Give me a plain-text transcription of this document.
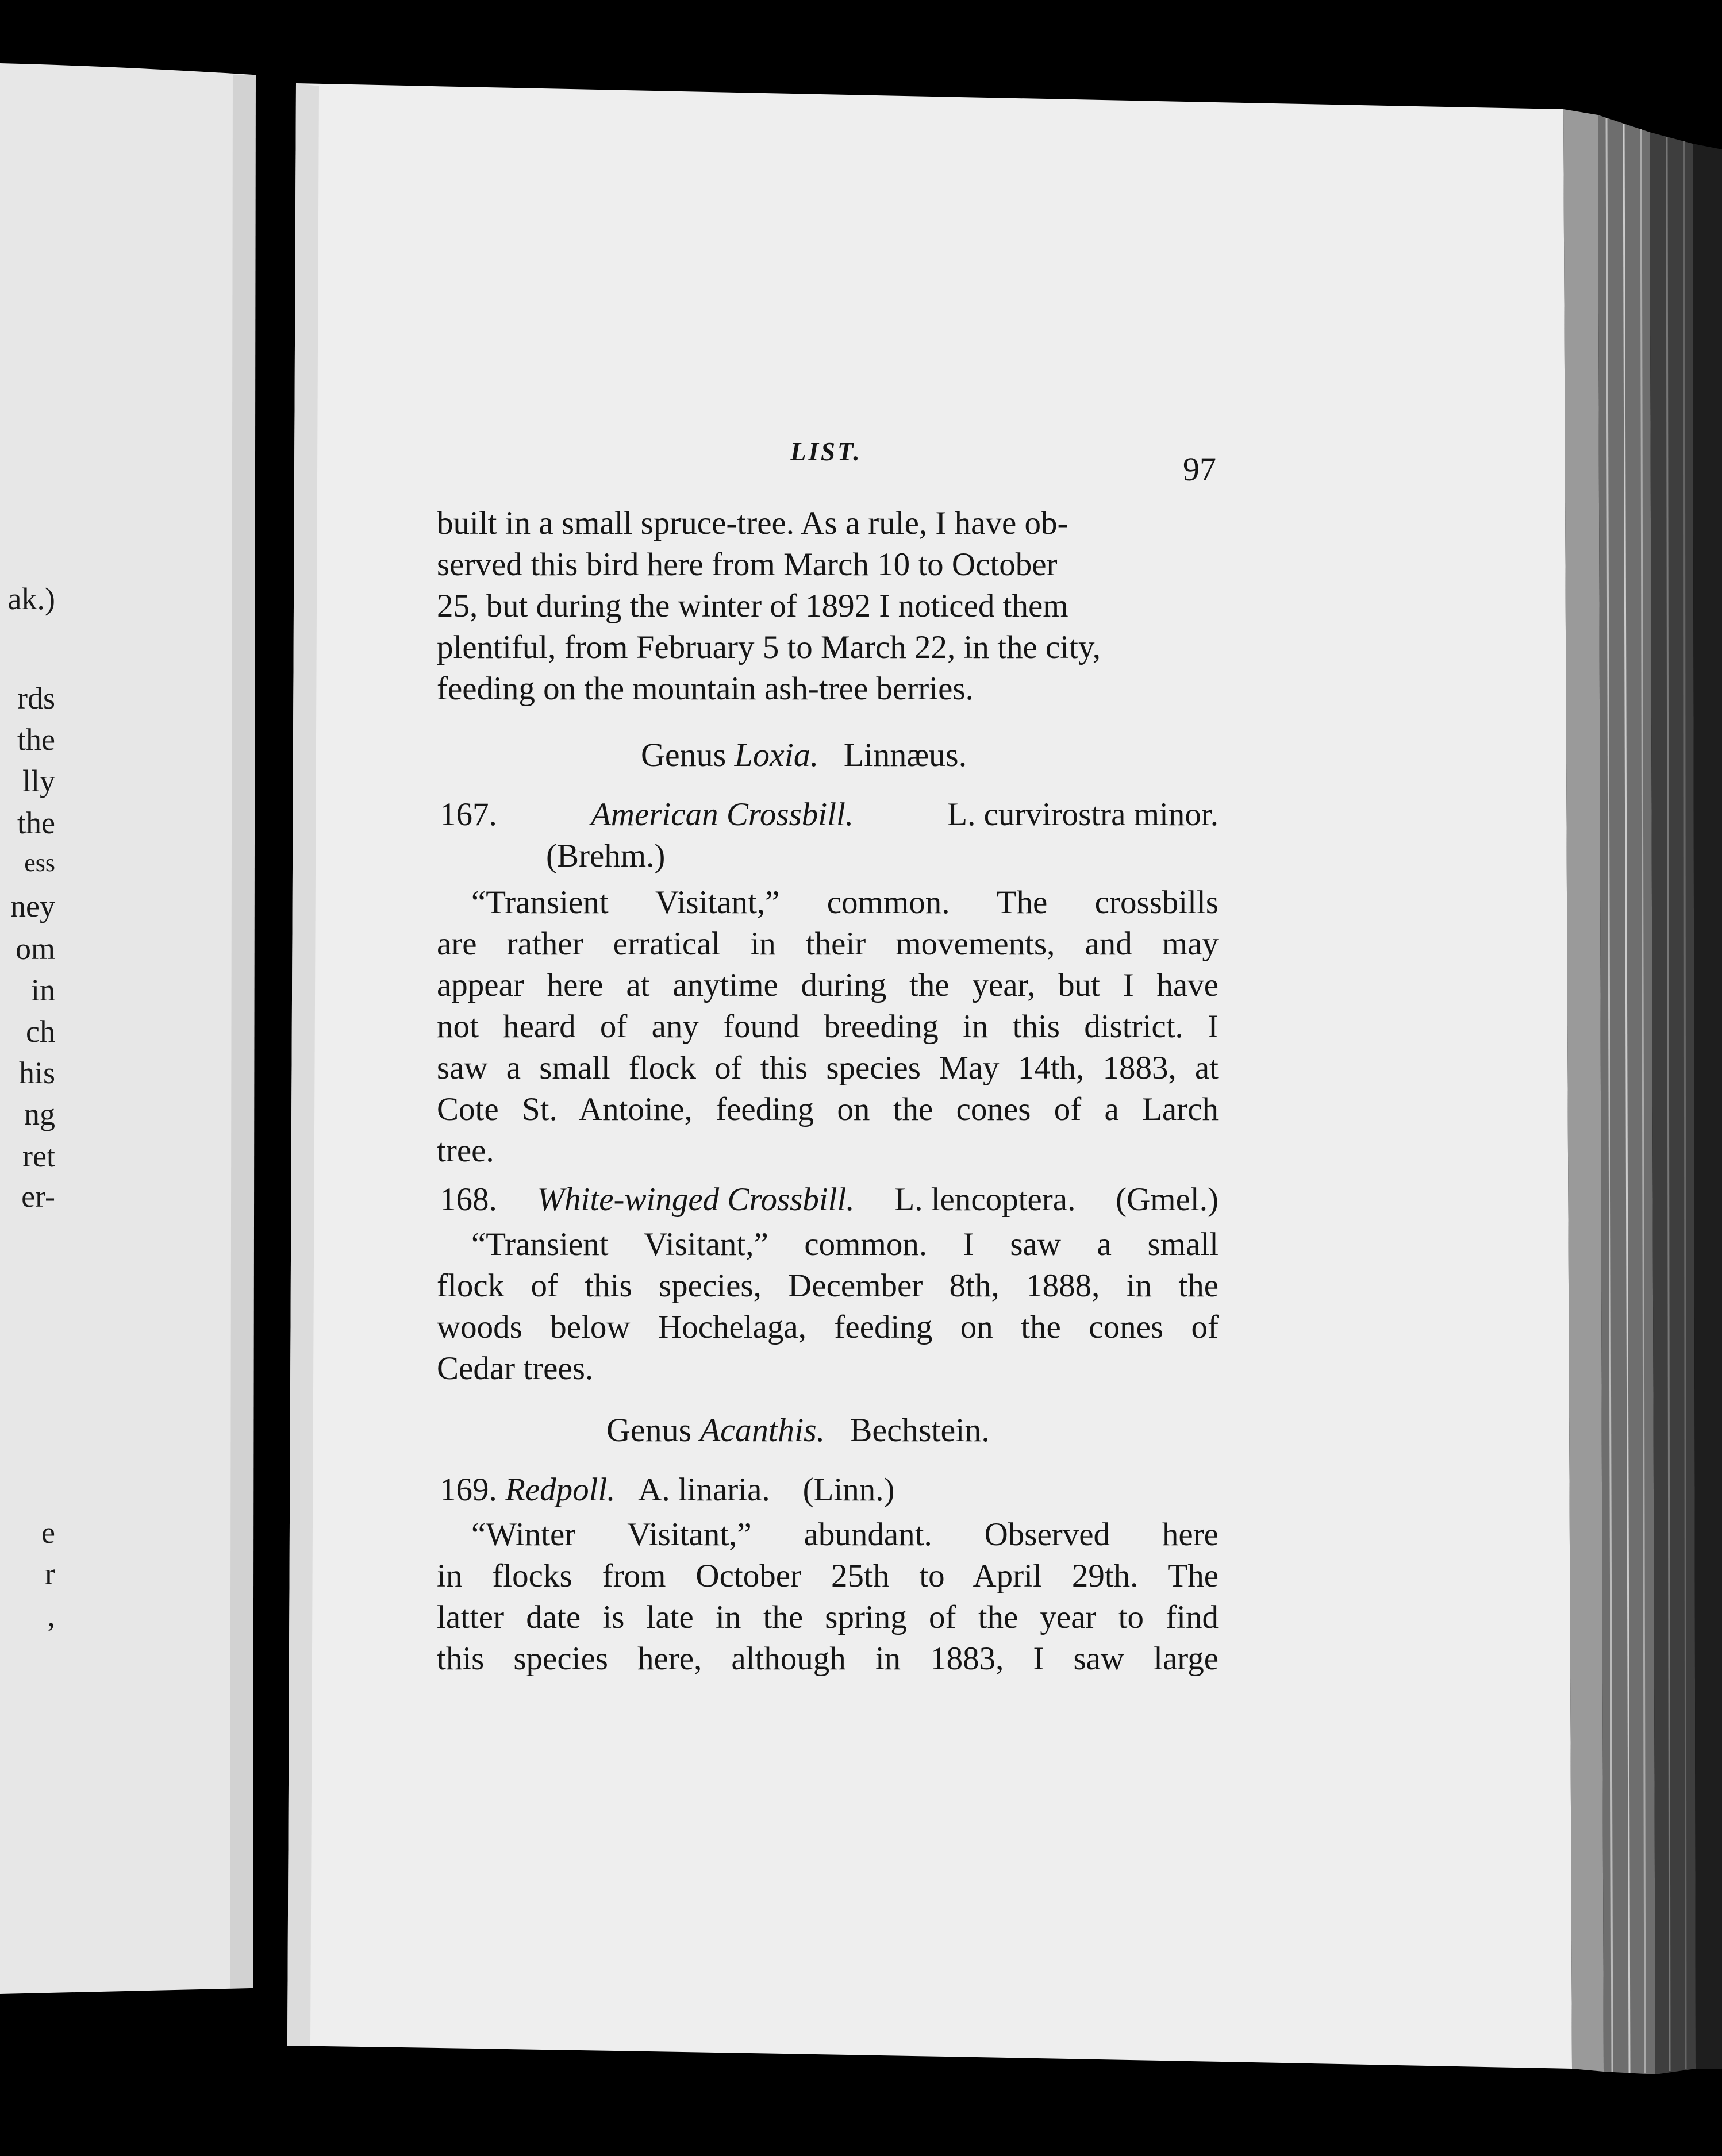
ak.)
rds
the
lly
the
ess
ney
om
in
ch
his
ng
ret
er-
e
r
,
LIST.	97
built in a small spruce-tree. As a rule, I have ob-
served this bird here from March 10 to October
25, but during the winter of 1892 I noticed them
plentiful, from February 5 to March 22, in the city,
feeding on the mountain ash-tree berries.
Genus Loxia. Linnæus.
167.	American Crossbill.	L. curvirostra minor.
(Brehm.)
“Transient Visitant,” common. The crossbills
are rather erratical in their movements, and may
appear here at anytime during the year, but I have
not heard of any found breeding in this district. I
saw a small flock of this species May 14th, 1883, at
Cote St. Antoine, feeding on the cones of a Larch
tree.
168. White-winged Crossbill. L. lencoptera. (Gmel.)
“Transient Visitant,” common. I saw a small
flock of this species, December 8th, 1888, in the
woods below Hochelaga, feeding on the cones of
Cedar trees.
Genus Acanthis. Bechstein.
169. Redpoll. A. linaria. (Linn.)
“Winter Visitant,” abundant. Observed here
in flocks from October 25th to April 29th. The
latter date is late in the spring of the year to find
this species here, although in 1883, I saw large
